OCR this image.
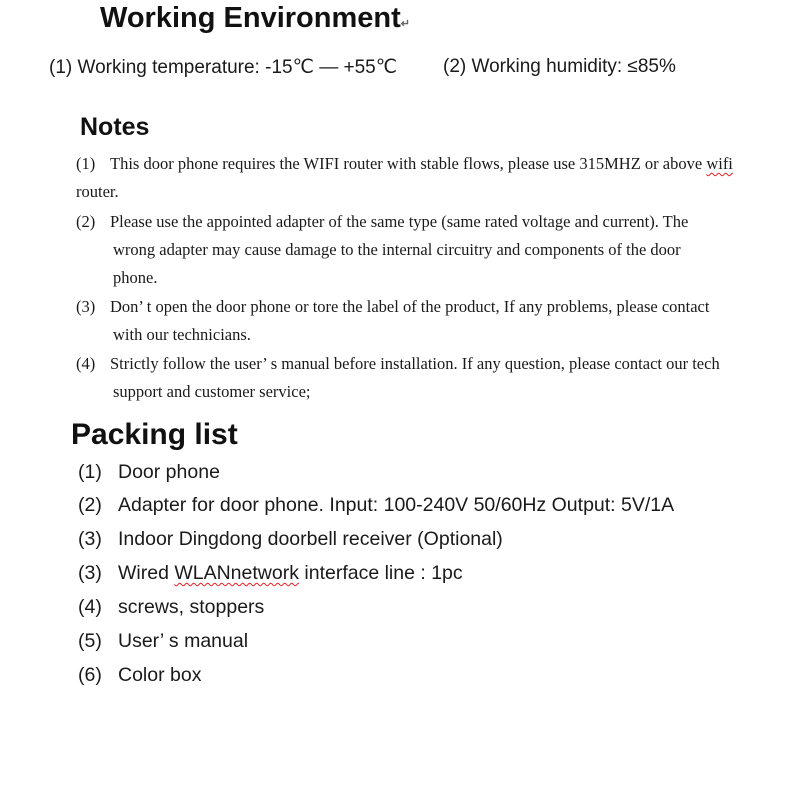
Working Environment↵
(1) Working temperature: -15℃ — +55℃ (2) Working humidity: ≤85%
Notes
(1) This door phone requires the WIFI router with stable flows, please use 315MHZ or above wifi
router.
(2) Please use the appointed adapter of the same type (same rated voltage and current). The
wrong adapter may cause damage to the internal circuitry and components of the door
phone.
(3) Don’ t open the door phone or tore the label of the product, If any problems, please contact
with our technicians.
(4) Strictly follow the user’ s manual before installation. If any question, please contact our tech
support and customer service;
Packing list
(1) Door phone
(2) Adapter for door phone. Input: 100-240V 50/60Hz Output: 5V/1A
(3) Indoor Dingdong doorbell receiver (Optional)
(3) Wired WLANnetwork interface line : 1pc
(4) screws, stoppers
(5) User’ s manual
(6) Color box
